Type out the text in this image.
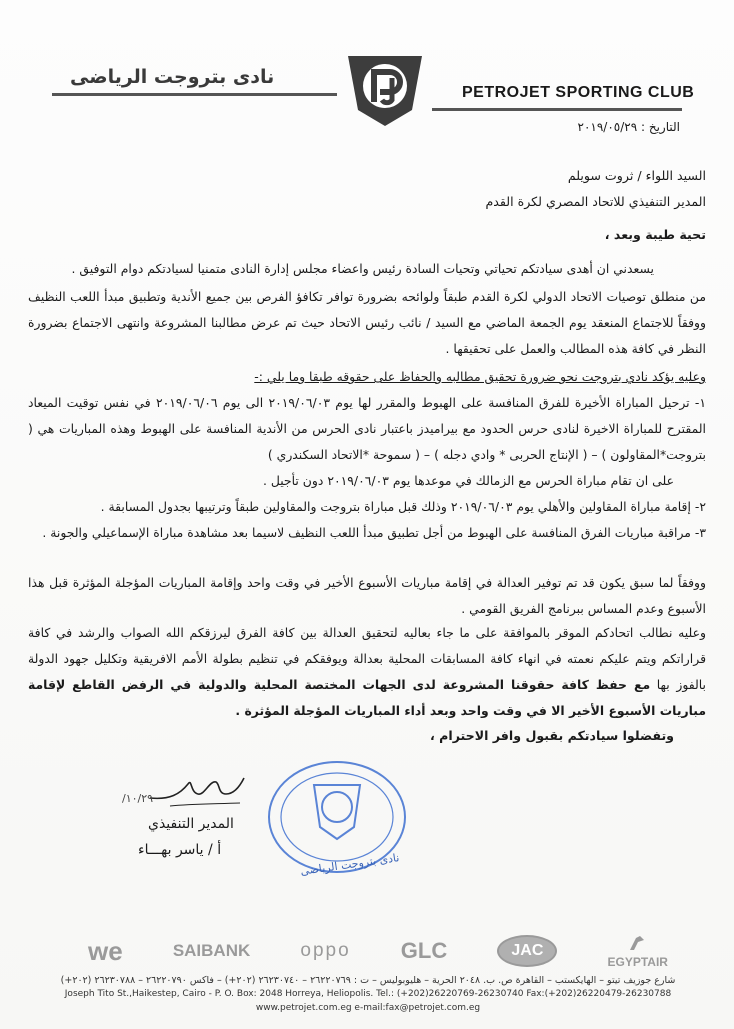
نادى بتروجت الرياضى
PETROJET SPORTING CLUB
التاريخ : ٢٠١٩/٠٥/٢٩
السيد اللواء / ثروت سويلم
المدير التنفيذي للاتحاد المصري لكرة القدم
تحية طيبة وبعد ،

يسعدني ان أهدى سيادتكم تحياتي وتحيات السادة رئيس واعضاء مجلس إدارة النادى متمنيا لسيادتكم دوام التوفيق .

من منطلق توصيات الاتحاد الدولي لكرة القدم طبقاً ولوائحه بضرورة توافر تكافؤ الفرص بين جميع الأندية وتطبيق مبدأ اللعب النظيف ووفقاً للاجتماع المنعقد يوم الجمعة الماضي مع السيد / نائب رئيس الاتحاد حيث تم عرض مطالبنا المشروعة وانتهى الاجتماع بضرورة النظر في كافة هذه المطالب والعمل على تحقيقها .

وعليه يؤكد نادي بتروجت نحو ضرورة تحقيق مطالبه والحفاظ على حقوقه طبقا وما يلي :-

١- ترحيل المباراة الأخيرة للفرق المنافسة على الهبوط والمقرر لها يوم ٢٠١٩/٠٦/٠٣ الى يوم ٢٠١٩/٠٦/٠٦ في نفس توقيت الميعاد المقترح للمباراة الاخيرة لنادى حرس الحدود مع بيراميدز باعتبار نادى الحرس من الأندية المنافسة على الهبوط وهذه المباريات هي ( بتروجت*المقاولون ) – ( الإنتاج الحربى * وادي دجله ) – ( سموحة *الاتحاد السكندري )

على ان تقام مباراة الحرس مع الزمالك في موعدها يوم ٢٠١٩/٠٦/٠٣ دون تأجيل .

٢- إقامة مباراة المقاولين والأهلي يوم ٢٠١٩/٠٦/٠٣ وذلك قبل مباراة بتروجت والمقاولين طبقاً وترتيبها بجدول المسابقة .

٣- مراقبة مباريات الفرق المنافسة على الهبوط من أجل تطبيق مبدأ اللعب النظيف لاسيما بعد مشاهدة مباراة الإسماعيلي والجونة .

ووفقاً لما سبق يكون قد تم توفير العدالة في إقامة مباريات الأسبوع الأخير في وقت واحد وإقامة المباريات المؤجلة المؤثرة قبل هذا الأسبوع وعدم المساس ببرنامج الفريق القومي .

وعليه نطالب اتحادكم الموقر بالموافقة على ما جاء بعاليه لتحقيق العدالة بين كافة الفرق ليرزقكم الله الصواب والرشد في كافة قراراتكم ويتم عليكم نعمته في انهاء كافة المسابقات المحلية بعدالة ويوفقكم في تنظيم بطولة الأمم الافريقية وتكليل جهود الدولة بالفوز بها مع حفظ كافة حقوقنا المشروعة لدى الجهات المختصة المحلية والدولية في الرفض القاطع لإقامة مباريات الأسبوع الأخير الا في وقت واحد وبعد أداء المباريات المؤجلة المؤثرة .

وتفضلوا سيادتكم بقبول وافر الاحترام ،
١٠/٢٩/
نادى بتروجت الرياضى
المدير التنفيذي
أ / ياسر بهـــاء
we	SAIBANK	oppo GLC	JAC

EGYPTAIR
شارع جوزيف تيتو – الهايكستب – القاهرة ص. ب. ٢٠٤٨ الحرية – هليوبوليس – ت : ٢٦٢٢٠٧٦٩ – ٢٦٢٣٠٧٤٠ (٢٠٢+) – فاكس ٢٦٢٢٠٧٩٠ – ٢٦٢٣٠٧٨٨ (٢٠٢+)
Joseph Tito St.,Haikestep, Cairo - P. O. Box: 2048 Horreya, Heliopolis. Tel.: (+202)26220769-26230740 Fax:(+202)26220479-26230788
www.petrojet.com.eg e-mail:fax@petrojet.com.eg
